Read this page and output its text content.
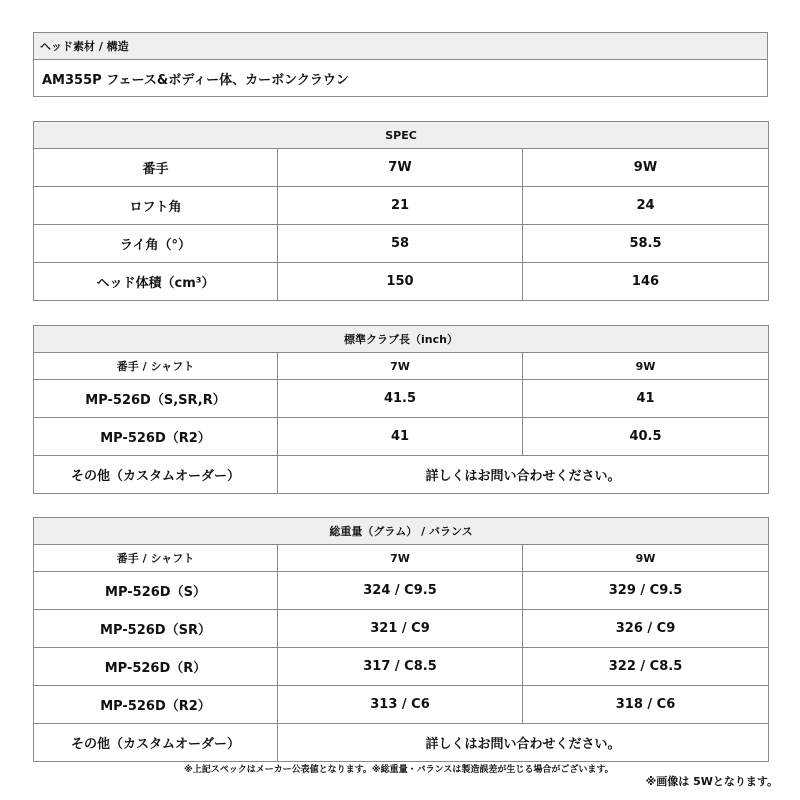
ヘッド素材 / 構造
AM355P フェース&ボディー体、カーボンクラウン
SPEC		
番手	7W	9W
ロフト角	21	24
ライ角（°）	58	58.5
ヘッド体積（cm³）	150	146
標準クラブ長（inch）		
番手 / シャフト	7W	9W
MP-526D（S,SR,R）	41.5	41
MP-526D（R2）	41	40.5
その他（カスタムオーダー）	詳しくはお問い合わせください。	
総重量（グラム） / バランス		
番手 / シャフト	7W	9W
MP-526D（S）	324 / C9.5	329 / C9.5
MP-526D（SR）	321 / C9	326 / C9
MP-526D（R）	317 / C8.5	322 / C8.5
MP-526D（R2）	313 / C6	318 / C6
その他（カスタムオーダー）	詳しくはお問い合わせください。	
※上記スペックはメーカー公表値となります。※総重量・バランスは製造誤差が生じる場合がございます。
※画像は 5Wとなります。
